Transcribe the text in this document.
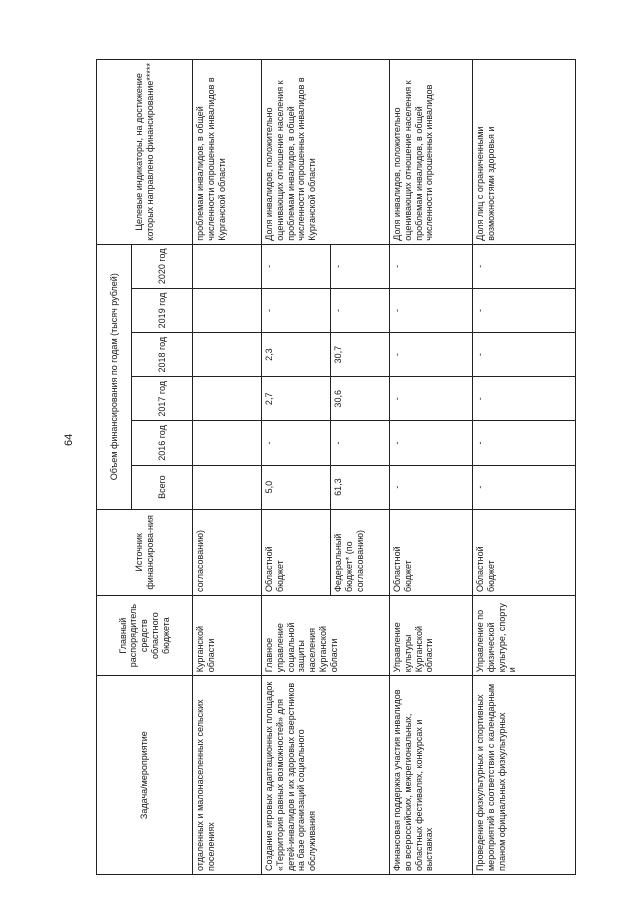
64
Задача/мероприятие	Главный распорядитель средств областного бюджета	Источник финансирова-ния	Объем финансирования по годам (тысяч рублей)						Целевые индикаторы, на достижение которых направлено финансирование*****
			Всего	2016 год	2017 год	2018 год	2019 год	2020 год	
отдаленных и малонаселенных сельских поселениях	Курганской области	согласованию)							проблемам инвалидов, в общей численности опрошенных инвалидов в Курганской области
Создание игровых адаптационных площадок «Территория равных возможностей» для детей-инвалидов и их здоровых сверстников на базе организаций социального обслуживания	Главное управление социальной защиты населения Курганской области	Областной бюджет	5,0	-	2,7	2,3	-	-	Доля инвалидов, положительно оценивающих отношение населения к проблемам инвалидов, в общей численности опрошенных инвалидов в Курганской области
		Федеральный бюджет* (по согласованию)	61,3	-	30,6	30,7	-	-	
Финансовая поддержка участия инвалидов во всероссийских, межрегиональных, областных фестивалях, конкурсах и выставках	Управление культуры Курганской области	Областной бюджет	-	-	-	-	-	-	Доля инвалидов, положительно оценивающих отношение населения к проблемам инвалидов, в общей численности опрошенных инвалидов
Проведение физкультурных и спортивных мероприятий в соответствии с календарным планом официальных физкультурных	Управление по физической культуре, спорту и	Областной бюджет	-	-	-	-	-	-	Доля лиц с ограниченными возможностями здоровья и
